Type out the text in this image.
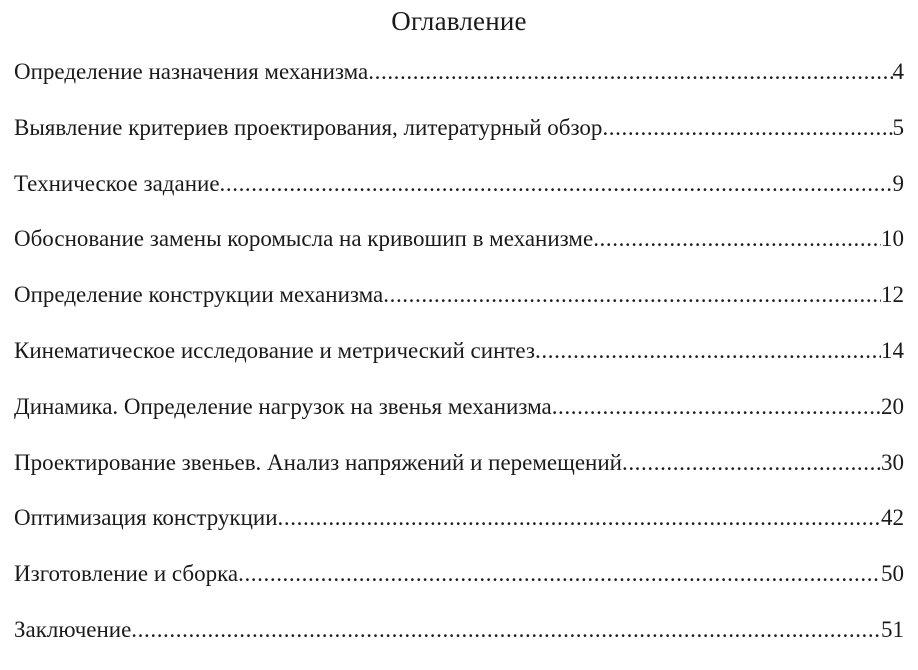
Оглавление
Определение назначения механизма .....	4
Выявление критериев проектирования, литературный обзор .....	5
Техническое задание .....	9
Обоснование замены коромысла на кривошип в механизме .....	10
Определение конструкции механизма .....	12
Кинематическое исследование и метрический синтез .....	14
Динамика. Определение нагрузок на звенья механизма .....	20
Проектирование звеньев. Анализ напряжений и перемещений .....	30
Оптимизация конструкции .....	42
Изготовление и сборка .....	50
Заключение .....	51
